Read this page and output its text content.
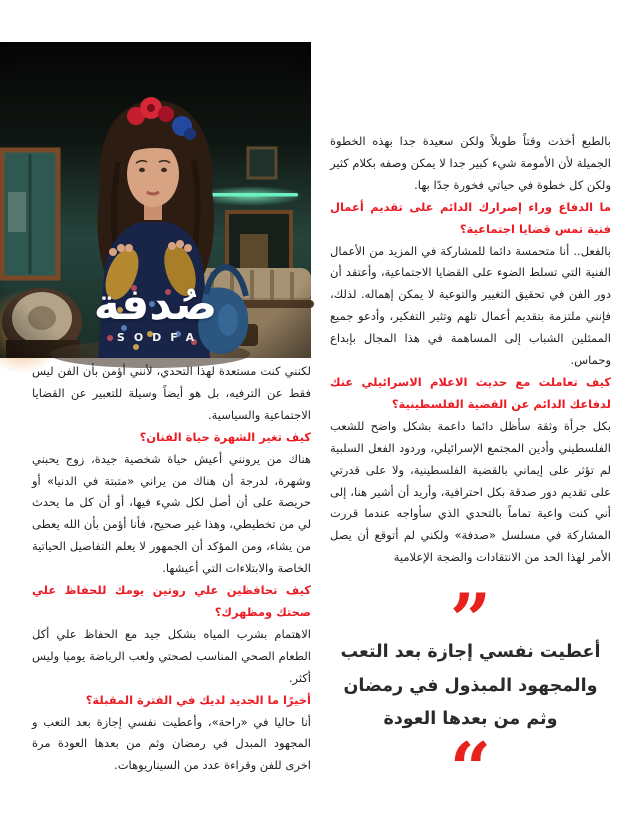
صُدفة
SODFA

بالطبع أخذت وقتاً طويلاً ولكن سعيدة جدا بهذه الخطوة الجميلة لأن الأمومة شيء كبير جدا لا يمكن وصفه بكلام كثير ولكن كل خطوة في حياتي فخورة جدًا بها.

ما الدفاع وراء إصرارك الدائم على تقديم أعمال فنية تمس قضايا اجتماعية؟

بالفعل.. أنا متحمسة دائما للمشاركة في المزيد من الأعمال الفنية التي تسلط الضوء على القضايا الاجتماعية، وأعتقد أن دور الفن في تحقيق التغيير والتوعية لا يمكن إهماله. لذلك، فإنني ملتزمة بتقديم أعمال تلهم وتثير التفكير، وأدعو جميع الممثلين الشباب إلى المساهمة في هذا المجال بإبداع وحماس.

كيف تعاملت مع حديث الاعلام الاسرائيلي عنك لدفاعك الدائم عن القضية الفلسطينية؟

بكل جرأة وثقة سأظل دائما داعمة بشكل واضح للشعب الفلسطيني وأدين المجتمع الإسرائيلي، وردود الفعل السلبية لم تؤثر على إيماني بالقضية الفلسطينية، ولا على قدرتي على تقديم دور صدقة بكل احترافية، وأريد أن أشير هنا، إلى أني كنت واعية تماماً بالتحدي الذي سأواجه عندما قررت المشاركة في مسلسل «صدفة» ولكني لم أتوقع أن يصل الأمر لهذا الحد من الانتقادات والضجة الإعلامية

لكنني كنت مستعدة لهذا التحدي، لأنني أؤمن بأن الفن ليس فقط عن الترفيه، بل هو أيضاً وسيلة للتعبير عن القضايا الاجتماعية والسياسية.

كيف تغير الشهرة حياة الفنان؟

هناك من يرونني أعيش حياة شخصية جيدة، زوج يحبني وشهرة، لدرجة أن هناك من يراني «متبتة في الدنيا» أو حريصة على أن أصل لكل شيء فيها، أو أن كل ما يحدث لي من تخطيطي، وهذا غير صحيح، فأنا أؤمن بأن الله يعطى من يشاء، ومن المؤكد أن الجمهور لا يعلم التفاصيل الحياتية الخاصة والابتلاءات التي أعيشها.

كيف تحافظين علي روتين يومك للحفاظ علي صحتك ومظهرك؟

الاهتمام بشرب المياه بشكل جيد مع الحفاظ علي أكل الطعام الصحي المناسب لصحتي ولعب الرياضة يوميا وليس أكثر.

أخيرًا ما الجديد لديك في الفترة المقبلة؟

أنا حاليا في «راحة»، وأعطيت نفسي إجازة بعد التعب و المجهود المبدل في رمضان وثم من بعدها العودة مرة اخرى للفن وقراءة عدد من السيناريوهات.

”
أعطيت نفسي إجازة بعد التعب
والمجهود المبذول في رمضان
وثم من بعدها العودة
“
